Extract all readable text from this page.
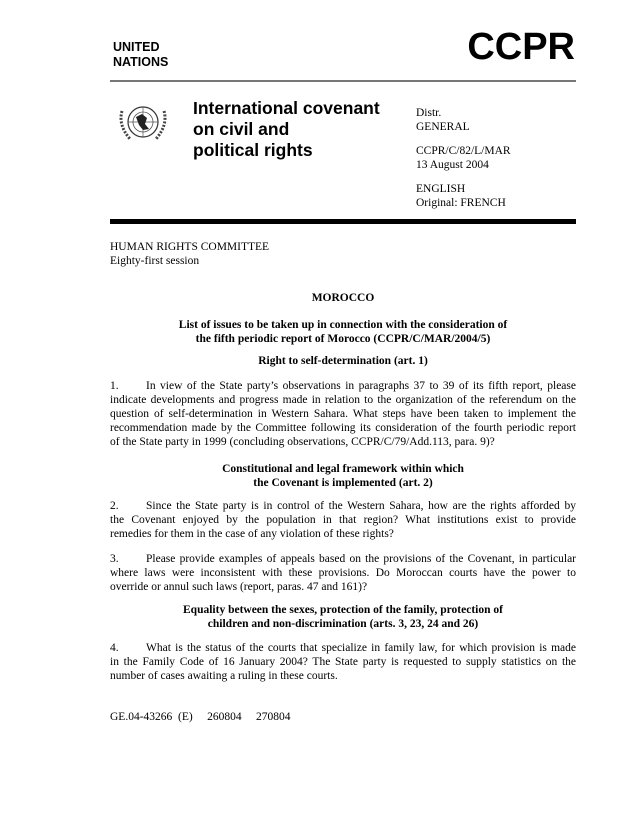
UNITED
NATIONS	CCPR
International covenant
on civil and
political rights
Distr.
GENERAL
CCPR/C/82/L/MAR
13 August 2004
ENGLISH
Original: FRENCH
HUMAN RIGHTS COMMITTEE
Eighty-first session
MOROCCO
List of issues to be taken up in connection with the consideration of
the fifth periodic report of Morocco (CCPR/C/MAR/2004/5)
Right to self-determination (art. 1)
1. In view of the State party’s observations in paragraphs 37 to 39 of its fifth report, please
indicate developments and progress made in relation to the organization of the referendum on the
question of self-determination in Western Sahara. What steps have been taken to implement the
recommendation made by the Committee following its consideration of the fourth periodic report
of the State party in 1999 (concluding observations, CCPR/C/79/Add.113, para. 9)?
Constitutional and legal framework within which
the Covenant is implemented (art. 2)
2. Since the State party is in control of the Western Sahara, how are the rights afforded by
the Covenant enjoyed by the population in that region? What institutions exist to provide
remedies for them in the case of any violation of these rights?
3. Please provide examples of appeals based on the provisions of the Covenant, in particular
where laws were inconsistent with these provisions. Do Moroccan courts have the power to
override or annul such laws (report, paras. 47 and 161)?
Equality between the sexes, protection of the family, protection of
children and non-discrimination (arts. 3, 23, 24 and 26)
4. What is the status of the courts that specialize in family law, for which provision is made
in the Family Code of 16 January 2004? The State party is requested to supply statistics on the
number of cases awaiting a ruling in these courts.
GE.04-43266  (E)     260804     270804
